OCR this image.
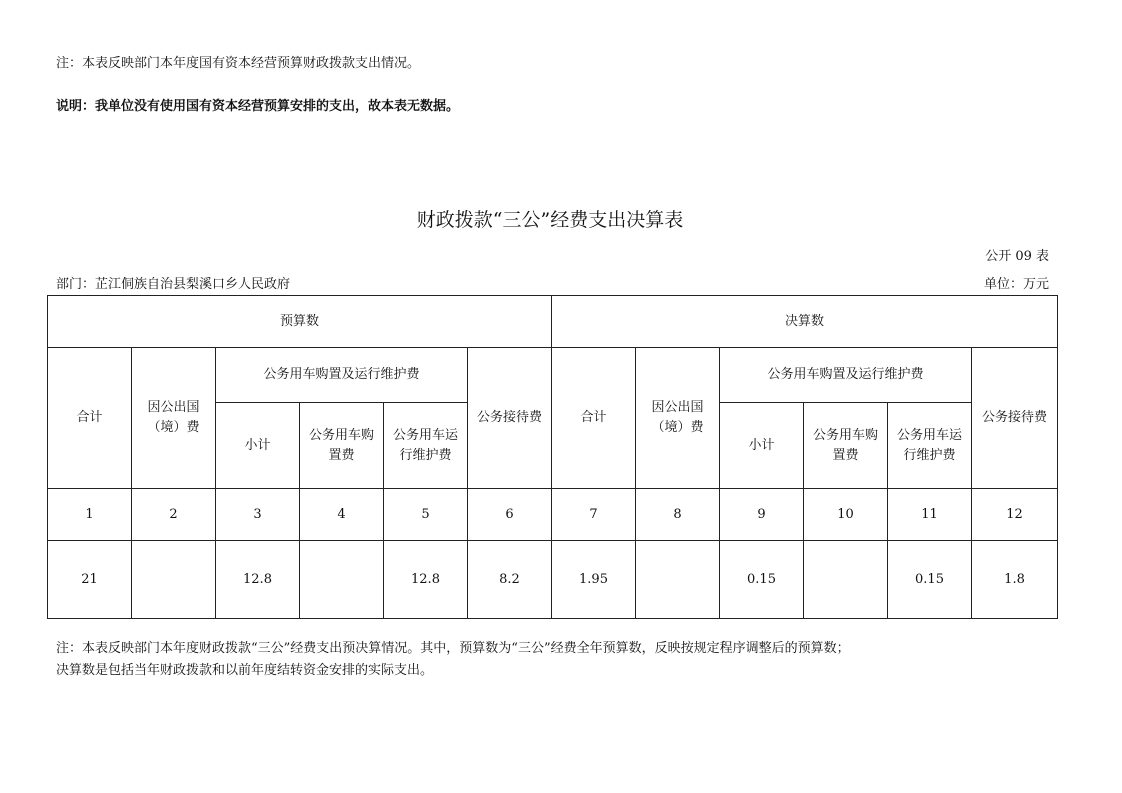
注：本表反映部门本年度国有资本经营预算财政拨款支出情况。
说明：我单位没有使用国有资本经营预算安排的支出，故本表无数据。
财政拨款“三公”经费支出决算表
公开 09 表
部门：芷江侗族自治县梨溪口乡人民政府	单位：万元
预算数						决算数					
合计	因公出国（境）费	公务用车购置及运行维护费			公务接待费	合计	因公出国（境）费	公务用车购置及运行维护费			公务接待费
		小计	公务用车购置费	公务用车运行维护费				小计	公务用车购置费	公务用车运行维护费	
1	2	3	4	5	6	7	8	9	10	11	12
21		12.8		12.8	8.2	1.95		0.15		0.15	1.8
注：本表反映部门本年度财政拨款“三公”经费支出预决算情况。其中，预算数为“三公”经费全年预算数，反映按规定程序调整后的预算数；
决算数是包括当年财政拨款和以前年度结转资金安排的实际支出。
